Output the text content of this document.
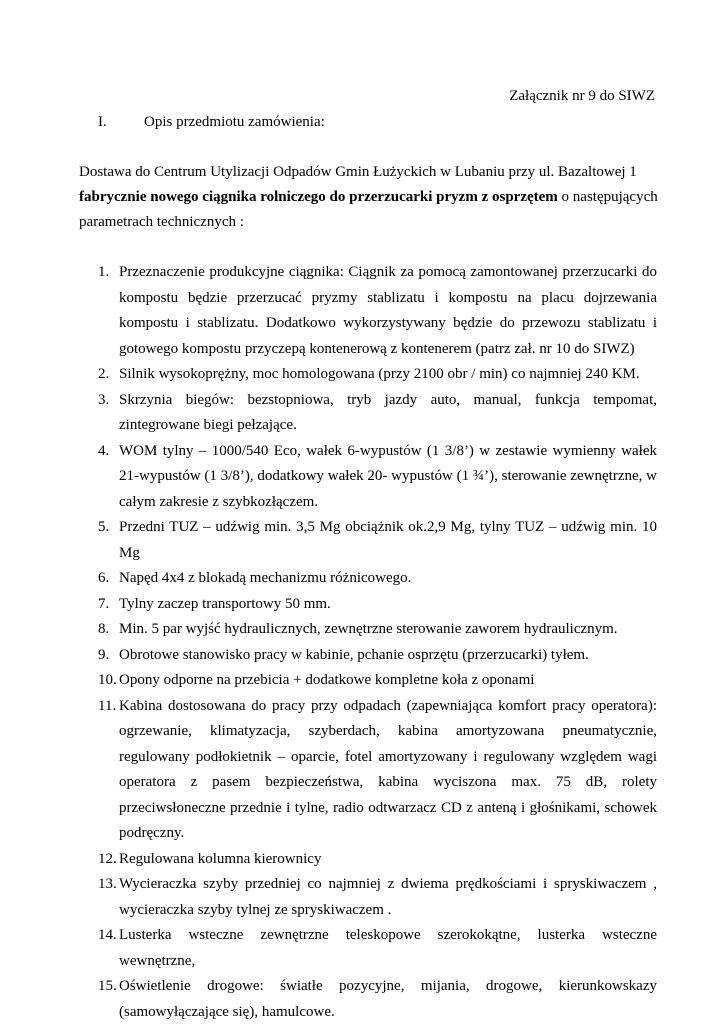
Załącznik nr 9 do SIWZ
I. Opis przedmiotu zamówienia:
Dostawa do Centrum Utylizacji Odpadów Gmin Łużyckich w Lubaniu przy ul. Bazaltowej 1 fabrycznie nowego ciągnika rolniczego do przerzucarki pryzm z osprzętem o następujących parametrach technicznych :
1. Przeznaczenie produkcyjne ciągnika: Ciągnik za pomocą zamontowanej przerzucarki do kompostu będzie przerzucać pryzmy stablizatu i kompostu na placu dojrzewania kompostu i stablizatu. Dodatkowo wykorzystywany będzie do przewozu stablizatu i gotowego kompostu przyczepą kontenerową z kontenerem (patrz zał. nr 10 do SIWZ)
2. Silnik wysokoprężny, moc homologowana (przy 2100 obr / min) co najmniej 240 KM.
3. Skrzynia biegów: bezstopniowa, tryb jazdy auto, manual, funkcja tempomat, zintegrowane biegi pełzające.
4. WOM tylny – 1000/540 Eco, wałek 6-wypustów (1 3/8’) w zestawie wymienny wałek 21-wypustów (1 3/8’), dodatkowy wałek 20- wypustów (1 ¾’), sterowanie zewnętrzne, w całym zakresie z szybkozłączem.
5. Przedni TUZ – udźwig min. 3,5 Mg obciążnik ok.2,9 Mg, tylny TUZ – udźwig min. 10 Mg
6. Napęd 4x4 z blokadą mechanizmu różnicowego.
7. Tylny zaczep transportowy 50 mm.
8. Min. 5 par wyjść hydraulicznych, zewnętrzne sterowanie zaworem hydraulicznym.
9. Obrotowe stanowisko pracy w kabinie, pchanie osprzętu (przerzucarki) tyłem.
10. Opony odporne na przebicia + dodatkowe kompletne koła z oponami
11. Kabina dostosowana do pracy przy odpadach (zapewniająca komfort pracy operatora): ogrzewanie, klimatyzacja, szyberdach, kabina amortyzowana pneumatycznie, regulowany podłokietnik – oparcie, fotel amortyzowany i regulowany względem wagi operatora z pasem bezpieczeństwa, kabina wyciszona max. 75 dB, rolety przeciwsłoneczne przednie i tylne, radio odtwarzacz CD z anteną i głośnikami, schowek podręczny.
12. Regulowana kolumna kierownicy
13. Wycieraczka szyby przedniej co najmniej z dwiema prędkościami i spryskiwaczem , wycieraczka szyby tylnej ze spryskiwaczem .
14. Lusterka wsteczne zewnętrzne teleskopowe szerokokątne, lusterka wsteczne wewnętrzne,
15. Oświetlenie drogowe: światłe pozycyjne, mijania, drogowe, kierunkowskazy (samowyłączające się), hamulcowe.
